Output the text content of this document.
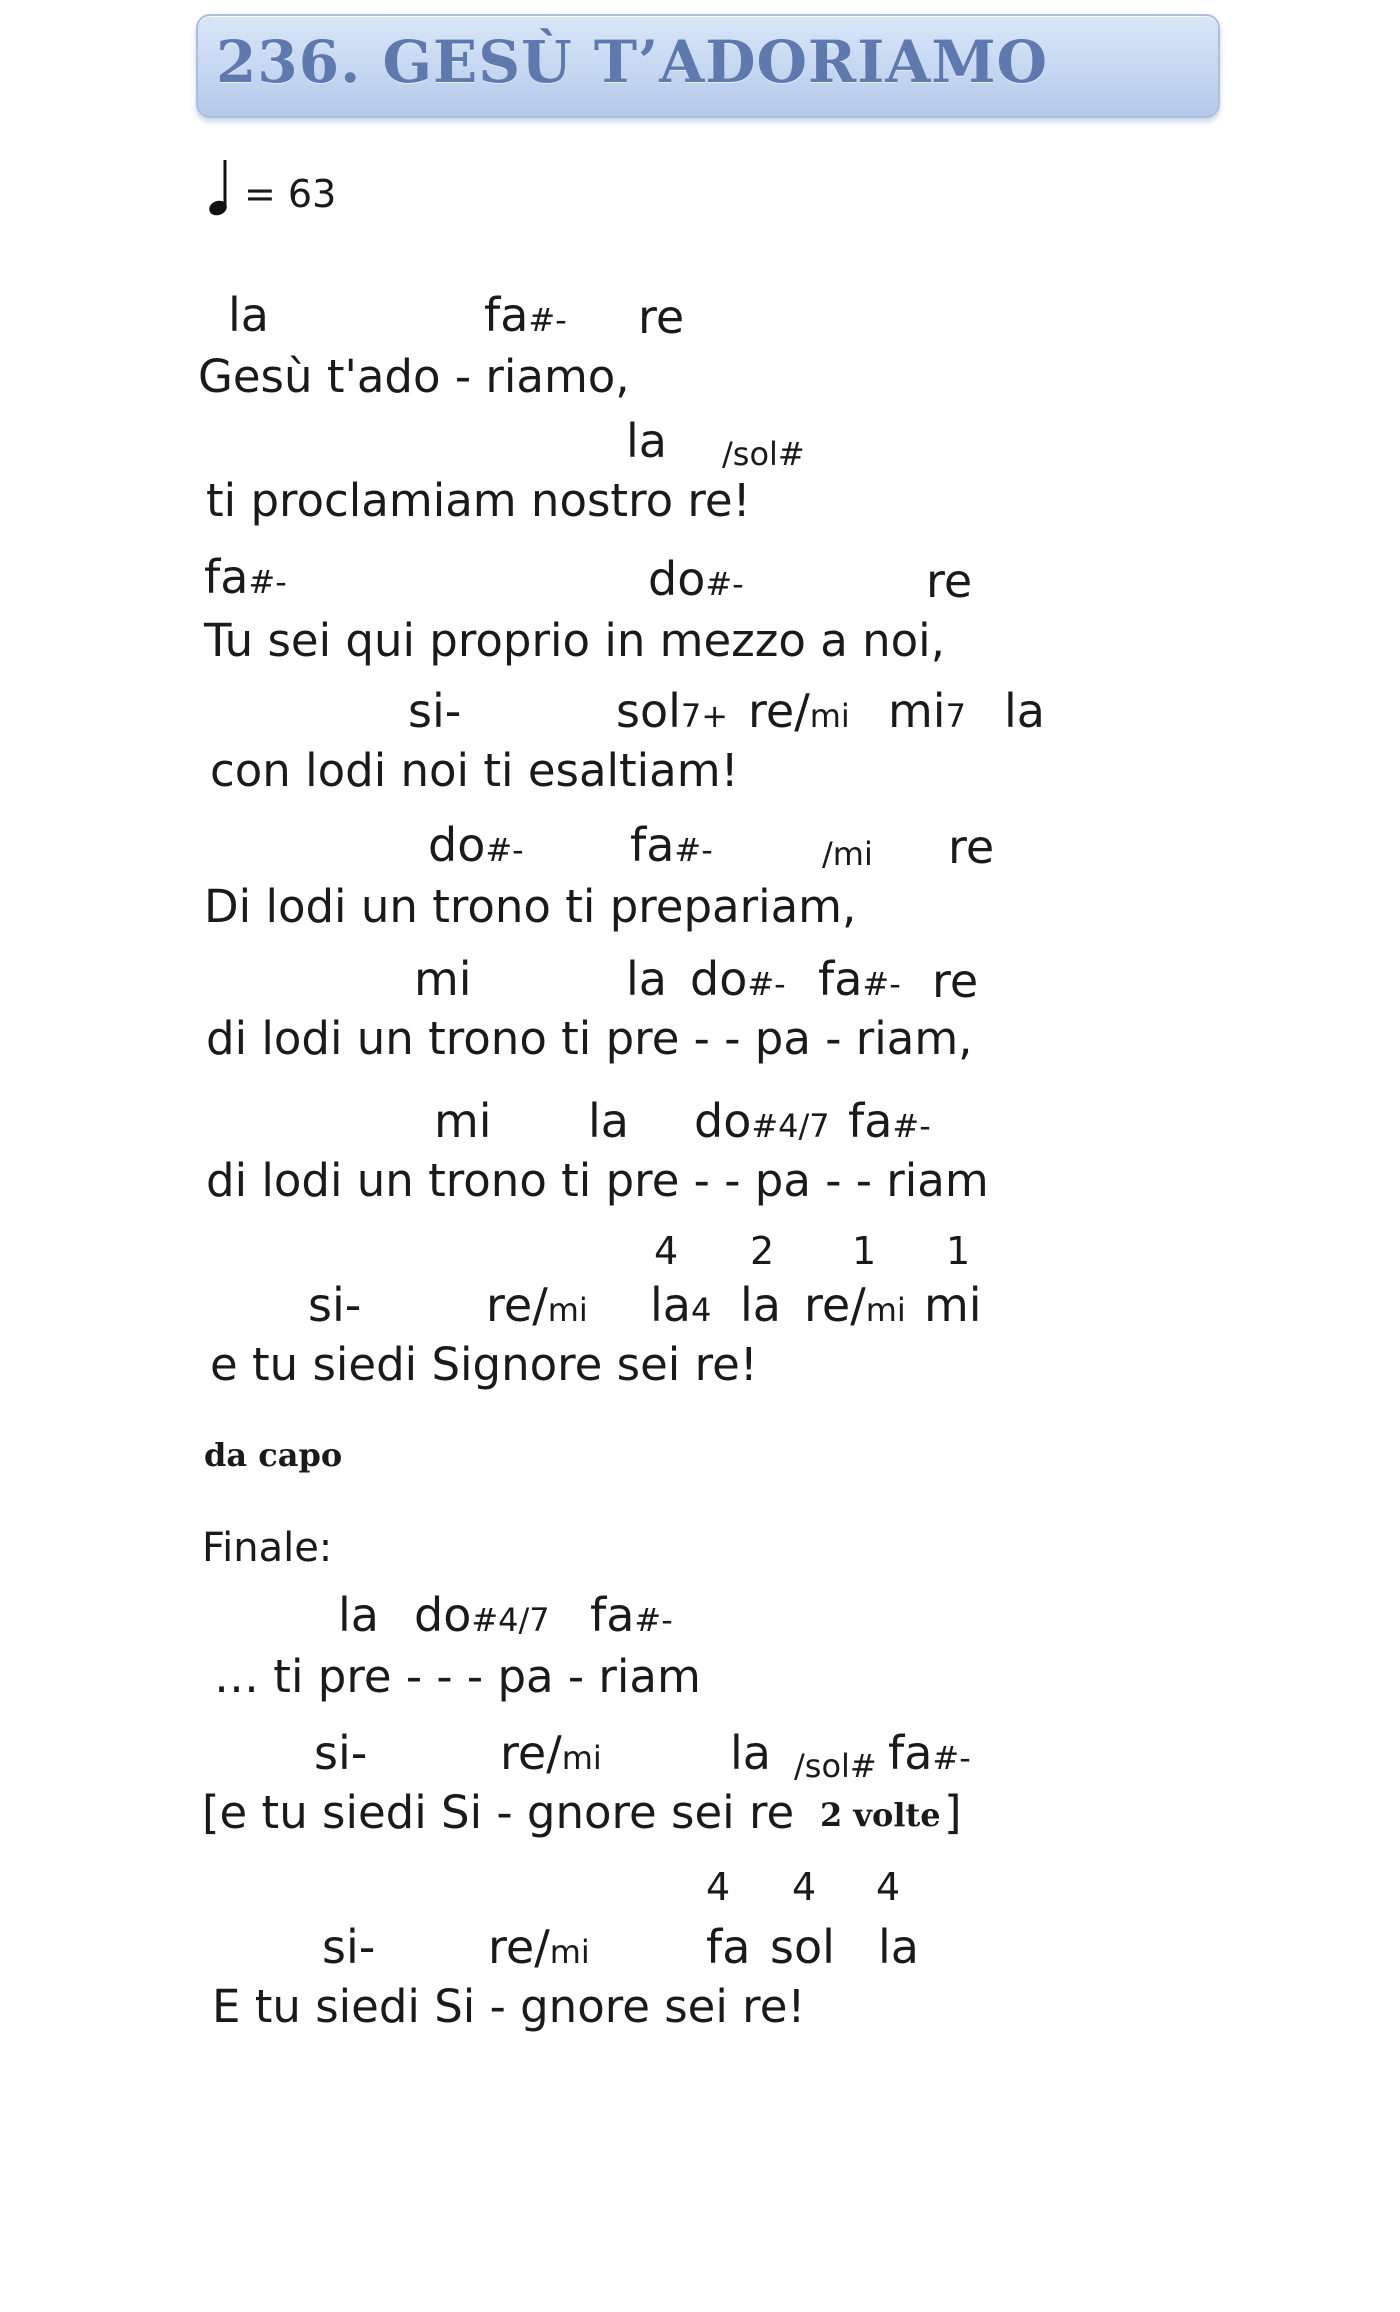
236. GESÙ T’ADORIAMO
= 63
la	fa#- re
Gesù t'ado - riamo,
la /sol#
ti proclamiam nostro re!
fa#-	do#-	re
Tu sei qui proprio in mezzo a noi,
si-	sol7+ re/mi mi7 la
con lodi noi ti esaltiam!
do#- fa#-	/mi re
Di lodi un trono ti prepariam,
mi	la do#- fa#- re
di lodi un trono ti pre - - pa - riam,
mi la do#4/7 fa#-
di lodi un trono ti pre - - pa - - riam
4 2 1 1
si-	re/mi la4 la re/mi mi
e tu siedi Signore sei re!
da capo
Finale:
la do#4/7 fa#-
… ti pre - - - pa - riam
si-	re/mi	la /sol# fa#-
[e tu siedi Si - gnore sei re 2 volte ]
4 4 4
si- re/mi	fa sol la
E tu siedi Si - gnore sei re!
